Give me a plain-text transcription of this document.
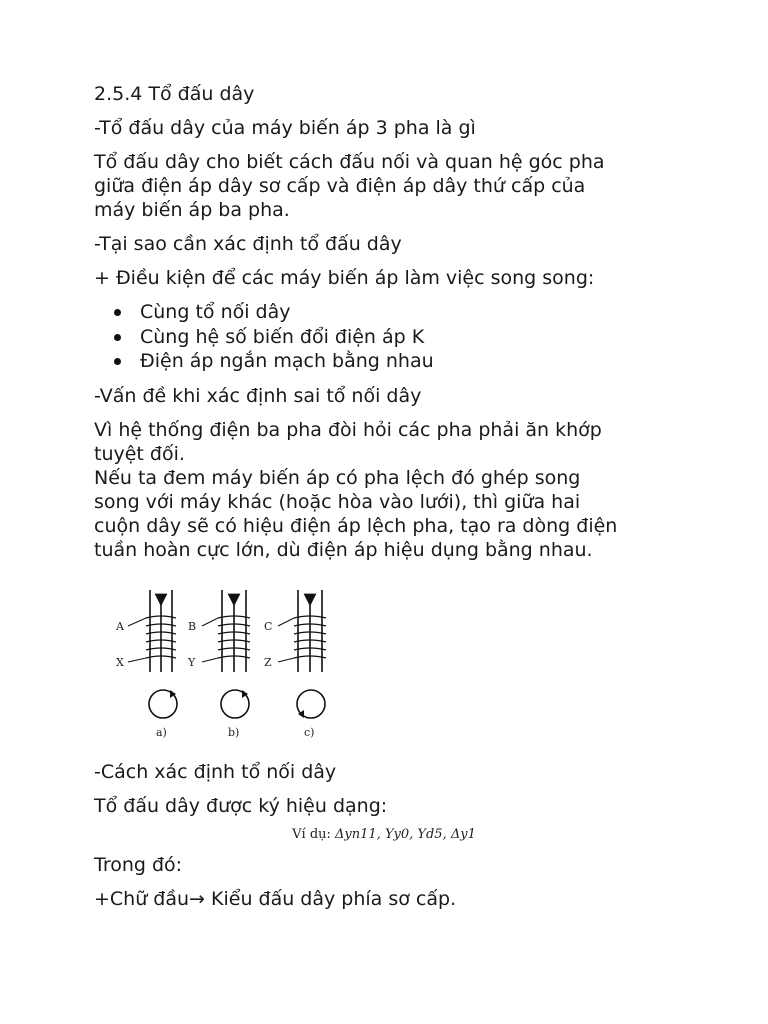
2.5.4 Tổ đấu dây

-Tổ đấu dây của máy biến áp 3 pha là gì

Tổ đấu dây cho biết cách đấu nối và quan hệ góc pha

giữa điện áp dây sơ cấp và điện áp dây thứ cấp của

máy biến áp ba pha.

-Tại sao cần xác định tổ đấu dây

+ Điều kiện để các máy biến áp làm việc song song:

Cùng tổ nối dây
Cùng hệ số biến đổi điện áp K
Điện áp ngắn mạch bằng nhau

-Vấn đề khi xác định sai tổ nối dây

Vì hệ thống điện ba pha đòi hỏi các pha phải ăn khớp

tuyệt đối.

Nếu ta đem máy biến áp có pha lệch đó ghép song

song với máy khác (hoặc hòa vào lưới), thì giữa hai

cuộn dây sẽ có hiệu điện áp lệch pha, tạo ra dòng điện

tuần hoàn cực lớn, dù điện áp hiệu dụng bằng nhau.

A
X
a)
B
Y
b)
C
Z
c)

-Cách xác định tổ nối dây

Tổ đấu dây được ký hiệu dạng:

Ví dụ: Δyn11, Yy0, Yd5, Δy1

Trong đó:

+Chữ đầu→ Kiểu đấu dây phía sơ cấp.
